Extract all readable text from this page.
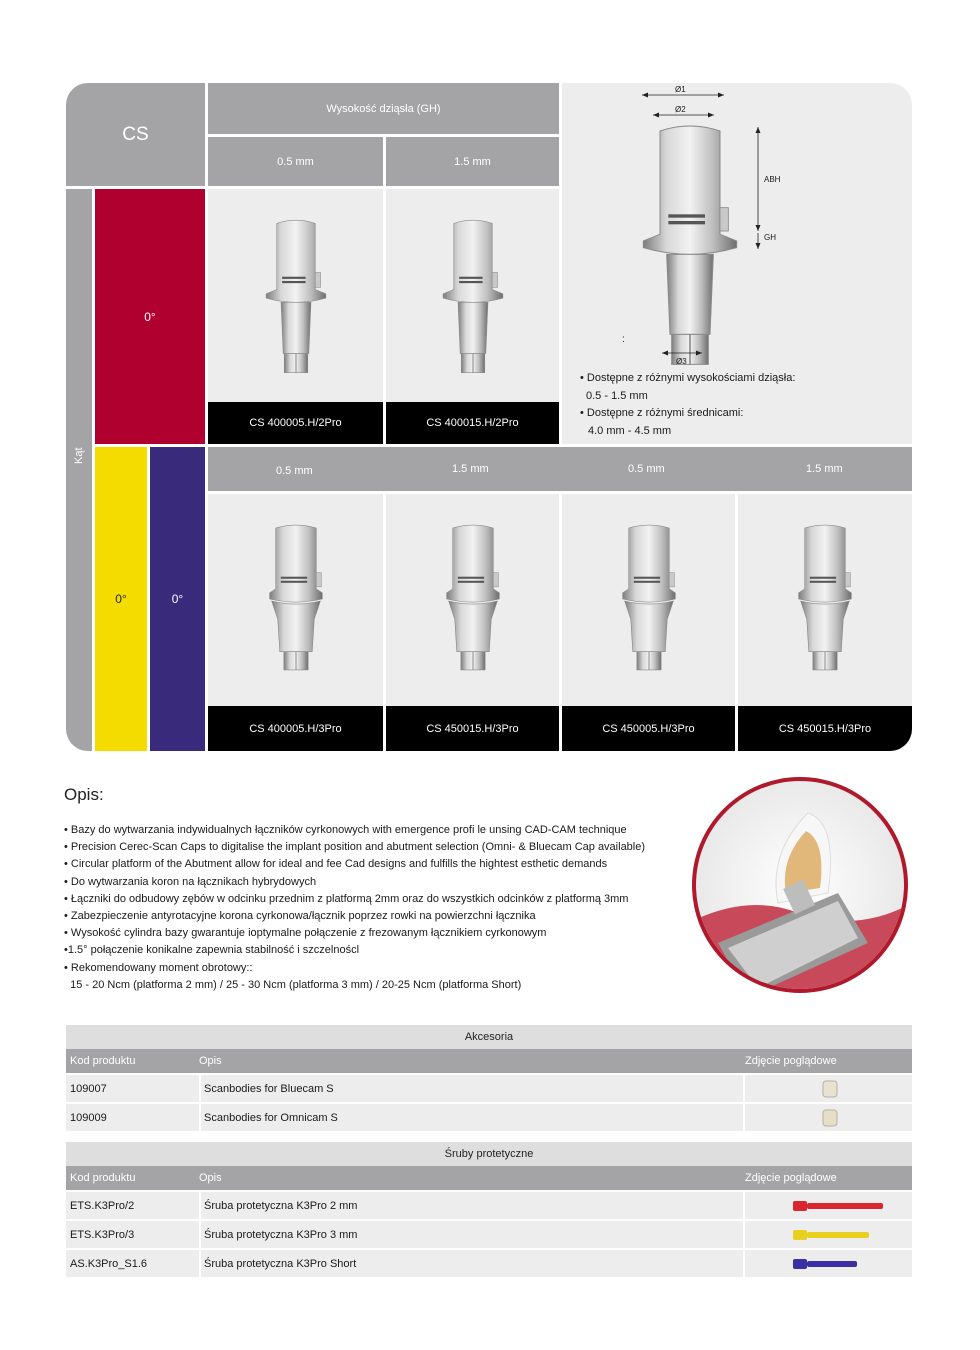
CS
Wysokość dziąsła (GH)
0.5 mm	1.5 mm
Kąt
0°
CS 400005.H/2Pro	CS 400015.H/2Pro
Ø1
Ø2
ABH
GH
Ø3
:
• Dostępne z różnymi wysokościami dziąsła:
0.5 - 1.5 mm
• Dostępne z różnymi średnicami:
4.0 mm - 4.5 mm
0°	0°
0.5 mm	1.5 mm	0.5 mm	1.5 mm
CS 400005.H/3Pro	CS 450015.H/3Pro	CS 450005.H/3Pro	CS 450015.H/3Pro
Opis:
• Bazy do wytwarzania indywidualnych łączników cyrkonowych with emergence profi le unsing CAD-CAM technique
• Precision Cerec-Scan Caps to digitalise the implant position and abutment selection (Omni- & Bluecam Cap available)
• Circular platform of the Abutment allow for ideal and fee Cad designs and fulfills the hightest esthetic demands
• Do wytwarzania koron na łącznikach hybrydowych
• Łączniki do odbudowy zębów w odcinku przednim z platformą 2mm oraz do wszystkich odcinków z platformą 3mm
• Zabezpieczenie antyrotacyjne korona cyrkonowa/łącznik poprzez rowki na powierzchni łącznika
• Wysokość cylindra bazy gwarantuje ioptymalne połączenie z frezowanym łącznikiem cyrkonowym
•1.5° połączenie konikalne zapewnia stabilność i szczelnoścl
• Rekomendowany moment obrotowy::
15 - 20 Ncm (platforma 2 mm) / 25 - 30 Ncm (platforma 3 mm) / 20-25 Ncm (platforma Short)
Akcesoria
Kod produktu	Opis	Zdjęcie poglądowe
109007	Scanbodies for Bluecam S
109009	Scanbodies for Omnicam S
Śruby protetyczne
Kod produktu	Opis	Zdjęcie poglądowe
ETS.K3Pro/2	Śruba protetyczna K3Pro 2 mm
ETS.K3Pro/3	Śruba protetyczna K3Pro 3 mm
AS.K3Pro_S1.6	Śruba protetyczna K3Pro Short
